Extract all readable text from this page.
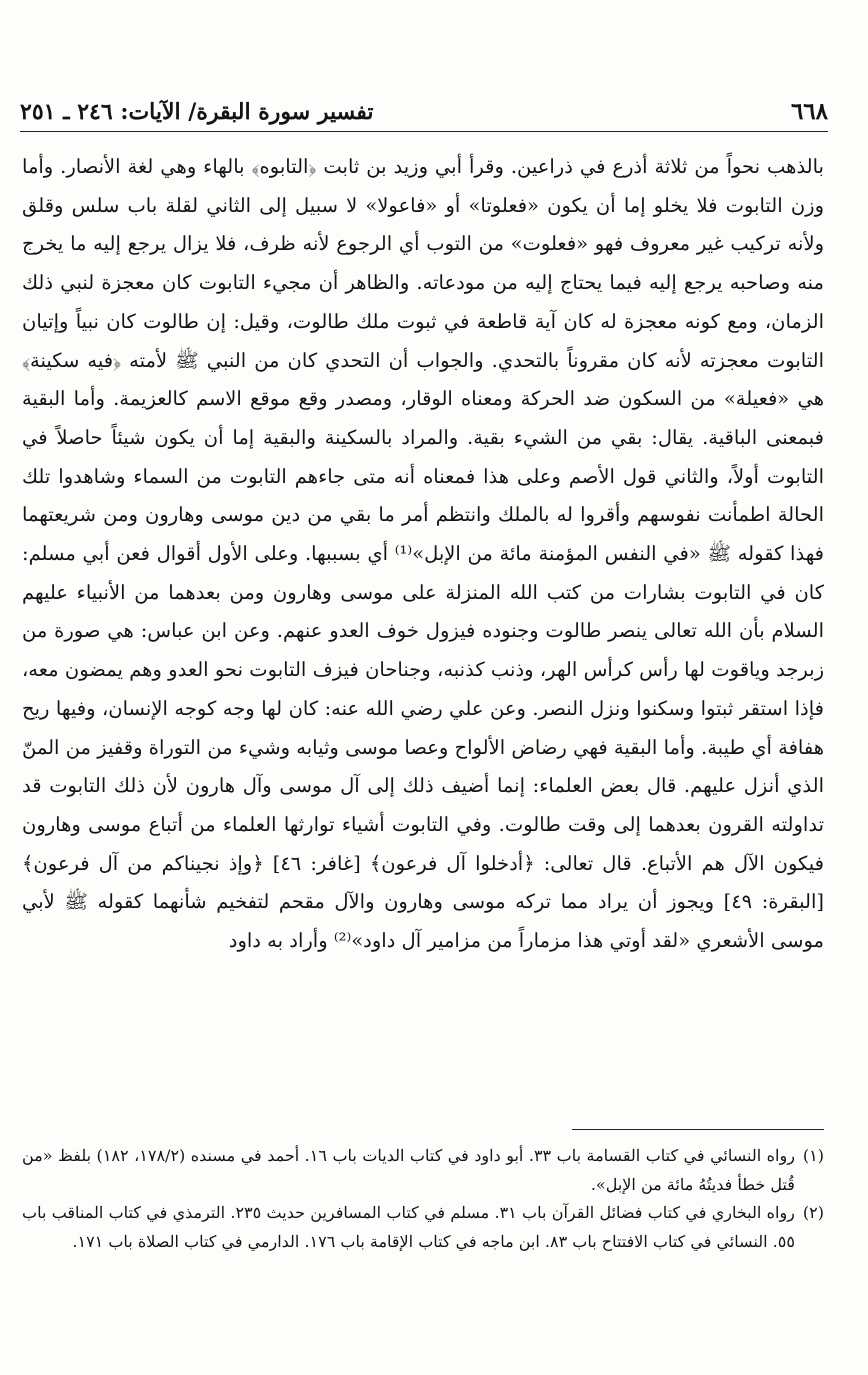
٦٦٨
تفسير سورة البقرة/ الآيات: ٢٤٦ ـ ٢٥١

بالذهب نحواً من ثلاثة أذرع في ذراعين. وقرأ أبي وزيد بن ثابت ﴿التابوه﴾ بالهاء وهي لغة الأنصار. وأما وزن التابوت فلا يخلو إما أن يكون «فعلوتا» أو «فاعولا» لا سبيل إلى الثاني لقلة باب سلس وقلق ولأنه تركيب غير معروف فهو «فعلوت» من التوب أي الرجوع لأنه ظرف، فلا يزال يرجع إليه ما يخرج منه وصاحبه يرجع إليه فيما يحتاج إليه من مودعاته. والظاهر أن مجيء التابوت كان معجزة لنبي ذلك الزمان، ومع كونه معجزة له كان آية قاطعة في ثبوت ملك طالوت، وقيل: إن طالوت كان نبياً وإتيان التابوت معجزته لأنه كان مقروناً بالتحدي. والجواب أن التحدي كان من النبي ﷺ لأمته ﴿فيه سكينة﴾ هي «فعيلة» من السكون ضد الحركة ومعناه الوقار، ومصدر وقع موقع الاسم كالعزيمة. وأما البقية فبمعنى الباقية. يقال: بقي من الشيء بقية. والمراد بالسكينة والبقية إما أن يكون شيئاً حاصلاً في التابوت أولاً، والثاني قول الأصم وعلى هذا فمعناه أنه متى جاءهم التابوت من السماء وشاهدوا تلك الحالة اطمأنت نفوسهم وأقروا له بالملك وانتظم أمر ما بقي من دين موسى وهارون ومن شريعتهما فهذا كقوله ﷺ «في النفس المؤمنة مائة من الإبل»⁽¹⁾ أي بسببها. وعلى الأول أقوال فعن أبي مسلم: كان في التابوت بشارات من كتب الله المنزلة على موسى وهارون ومن بعدهما من الأنبياء عليهم السلام بأن الله تعالى ينصر طالوت وجنوده فيزول خوف العدو عنهم. وعن ابن عباس: هي صورة من زبرجد وياقوت لها رأس كرأس الهر، وذنب كذنبه، وجناحان فيزف التابوت نحو العدو وهم يمضون معه، فإذا استقر ثبتوا وسكنوا ونزل النصر. وعن علي رضي الله عنه: كان لها وجه كوجه الإنسان، وفيها ريح هفافة أي طيبة. وأما البقية فهي رضاض الألواح وعصا موسى وثيابه وشيء من التوراة وقفيز من المنّ الذي أنزل عليهم. قال بعض العلماء: إنما أضيف ذلك إلى آل موسى وآل هارون لأن ذلك التابوت قد تداولته القرون بعدهما إلى وقت طالوت. وفي التابوت أشياء توارثها العلماء من أتباع موسى وهارون فيكون الآل هم الأتباع. قال تعالى: ﴿أدخلوا آل فرعون﴾ [غافر: ٤٦] ﴿وإذ نجيناكم من آل فرعون﴾ [البقرة: ٤٩] ويجوز أن يراد مما تركه موسى وهارون والآل مقحم لتفخيم شأنهما كقوله ﷺ لأبي موسى الأشعري «لقد أوتي هذا مزماراً من مزامير آل داود»⁽²⁾ وأراد به داود

(١)
رواه النسائي في كتاب القسامة باب ٣٣. أبو داود في كتاب الديات باب ١٦. أحمد في مسنده (١٧٨/٢، ١٨٢) بلفظ «من قُتل خطأ فديتُهُ مائة من الإبل».
(٢)
رواه البخاري في كتاب فضائل القرآن باب ٣١. مسلم في كتاب المسافرين حديث ٢٣٥. الترمذي في كتاب المناقب باب ٥٥. النسائي في كتاب الافتتاح باب ٨٣. ابن ماجه في كتاب الإقامة باب ١٧٦. الدارمي في كتاب الصلاة باب ١٧١.
